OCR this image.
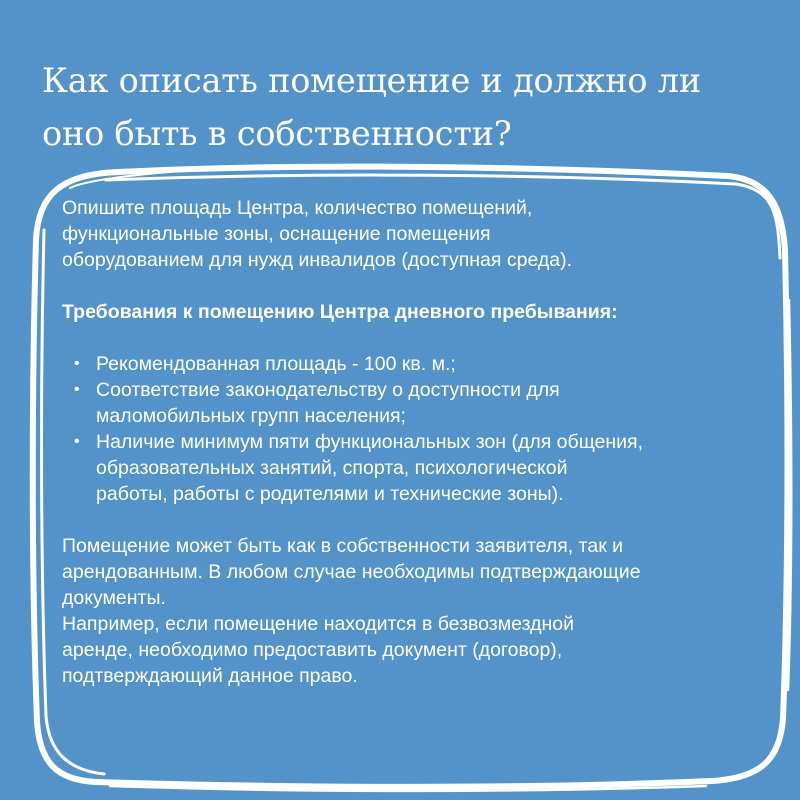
Как описать помещение и должно ли
оно быть в собственности?

Опишите площадь Центра, количество помещений,
функциональные зоны, оснащение помещения
оборудованием для нужд инвалидов (доступная среда).

Требования к помещению Центра дневного пребывания:

• Рекомендованная площадь - 100 кв. м.;
• Соответствие законодательству о доступности для
маломобильных групп населения;
• Наличие минимум пяти функциональных зон (для общения,
образовательных занятий, спорта, психологической
работы, работы с родителями и технические зоны).

Помещение может быть как в собственности заявителя, так и
арендованным. В любом случае необходимы подтверждающие
документы.

Например, если помещение находится в безвозмездной
аренде, необходимо предоставить документ (договор),
подтверждающий данное право.
